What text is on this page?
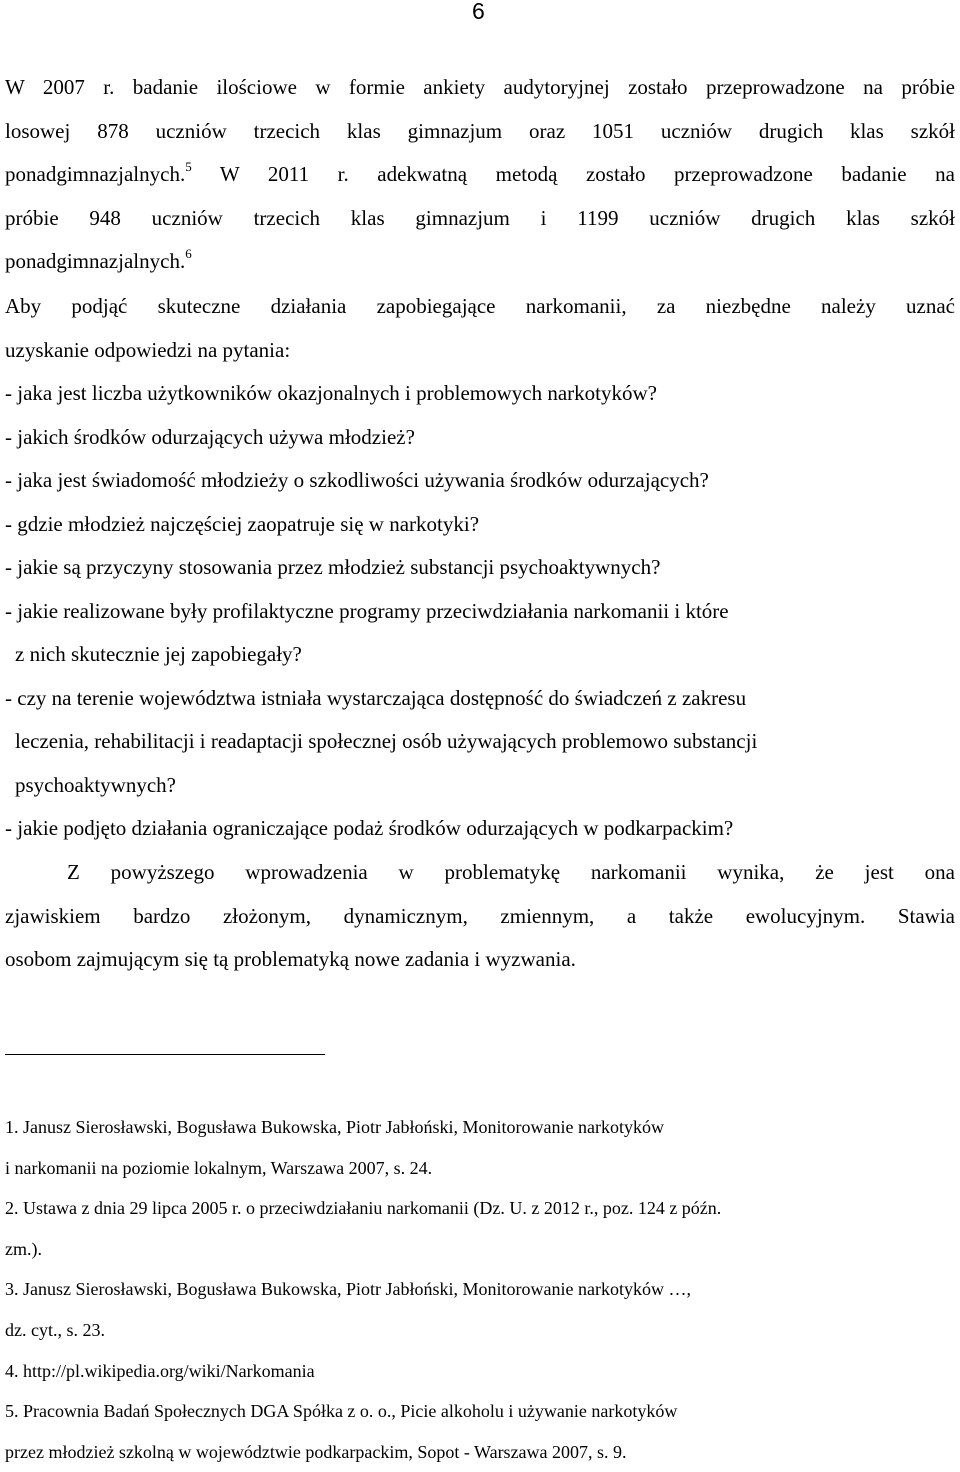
6
W 2007 r. badanie ilościowe w formie ankiety audytoryjnej zostało przeprowadzone na próbie
losowej 878 uczniów trzecich klas gimnazjum oraz 1051 uczniów drugich klas szkół
ponadgimnazjalnych.$^5$ W 2011 r. adekwatną metodą zostało przeprowadzone badanie na
próbie 948 uczniów trzecich klas gimnazjum i 1199 uczniów drugich klas szkół
ponadgimnazjalnych.$^6$
Aby podjąć skuteczne działania zapobiegające narkomanii, za niezbędne należy uznać
uzyskanie odpowiedzi na pytania:
- jaka jest liczba użytkowników okazjonalnych i problemowych narkotyków?
- jakich środków odurzających używa młodzież?
- jaka jest świadomość młodzieży o szkodliwości używania środków odurzających?
- gdzie młodzież najczęściej zaopatruje się w narkotyki?
- jakie są przyczyny stosowania przez młodzież substancji psychoaktywnych?
- jakie realizowane były profilaktyczne programy przeciwdziałania narkomanii i które
z nich skutecznie jej zapobiegały?
- czy na terenie województwa istniała wystarczająca dostępność do świadczeń z zakresu
leczenia, rehabilitacji i readaptacji społecznej osób używających problemowo substancji
psychoaktywnych?
- jakie podjęto działania ograniczające podaż środków odurzających w podkarpackim?
Z powyższego wprowadzenia w problematykę narkomanii wynika, że jest ona
zjawiskiem bardzo złożonym, dynamicznym, zmiennym, a także ewolucyjnym. Stawia
osobom zajmującym się tą problematyką nowe zadania i wyzwania.
1. Janusz Sierosławski, Bogusława Bukowska, Piotr Jabłoński, Monitorowanie narkotyków
i narkomanii na poziomie lokalnym, Warszawa 2007, s. 24.
2. Ustawa z dnia 29 lipca 2005 r. o przeciwdziałaniu narkomanii (Dz. U. z 2012 r., poz. 124 z późn.
zm.).
3. Janusz Sierosławski, Bogusława Bukowska, Piotr Jabłoński, Monitorowanie narkotyków …,
dz. cyt., s. 23.
4. http://pl.wikipedia.org/wiki/Narkomania
5. Pracownia Badań Społecznych DGA Spółka z o. o., Picie alkoholu i używanie narkotyków
przez młodzież szkolną w województwie podkarpackim, Sopot - Warszawa 2007, s. 9.
